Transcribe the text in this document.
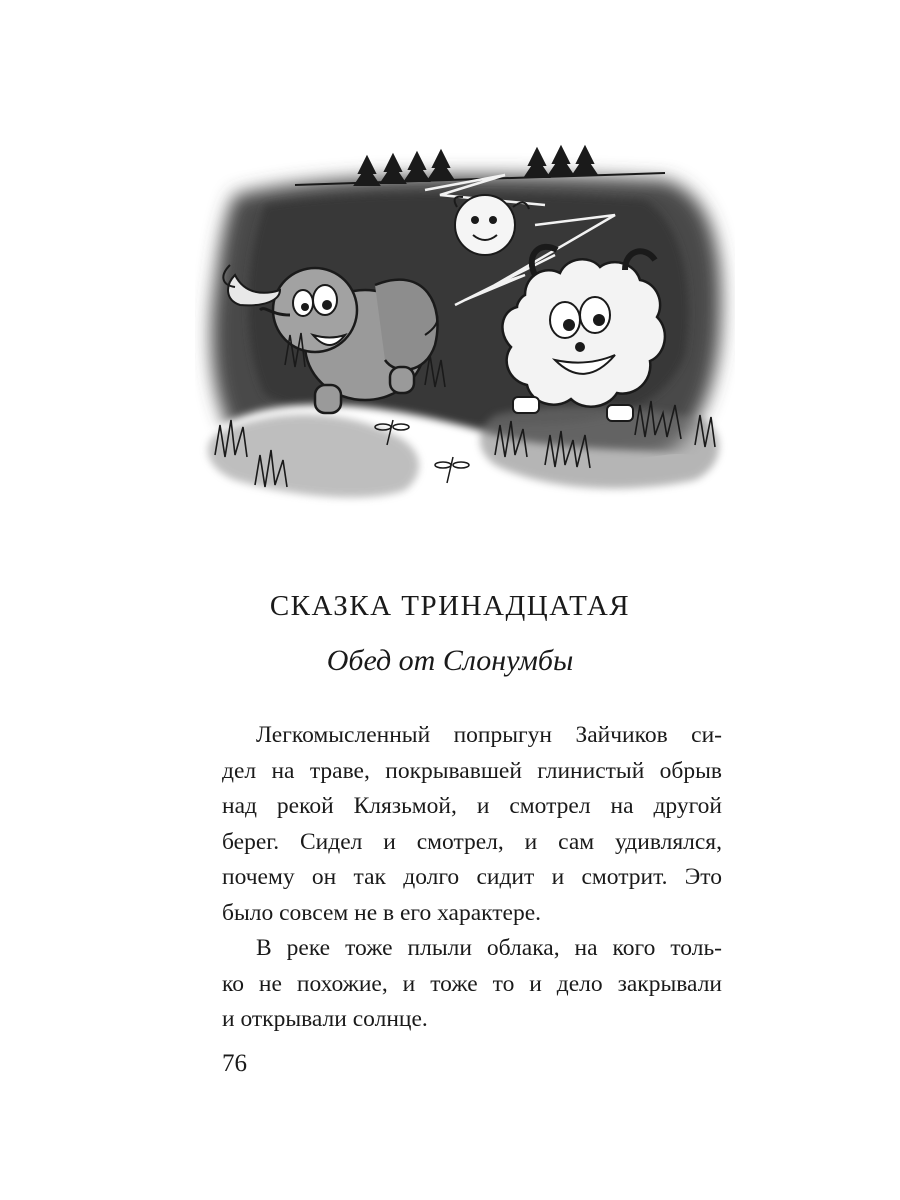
СКАЗКА ТРИНАДЦАТАЯ
Обед от Слонумбы

Легкомысленный попрыгун Зайчиков си-
дел на траве, покрывавшей глинистый обрыв
над рекой Клязьмой, и смотрел на другой
берег. Сидел и смотрел, и сам удивлялся,
почему он так долго сидит и смотрит. Это
было совсем не в его характере.

В реке тоже плыли облака, на кого толь-
ко не похожие, и тоже то и дело закрывали
и открывали солнце.

76
